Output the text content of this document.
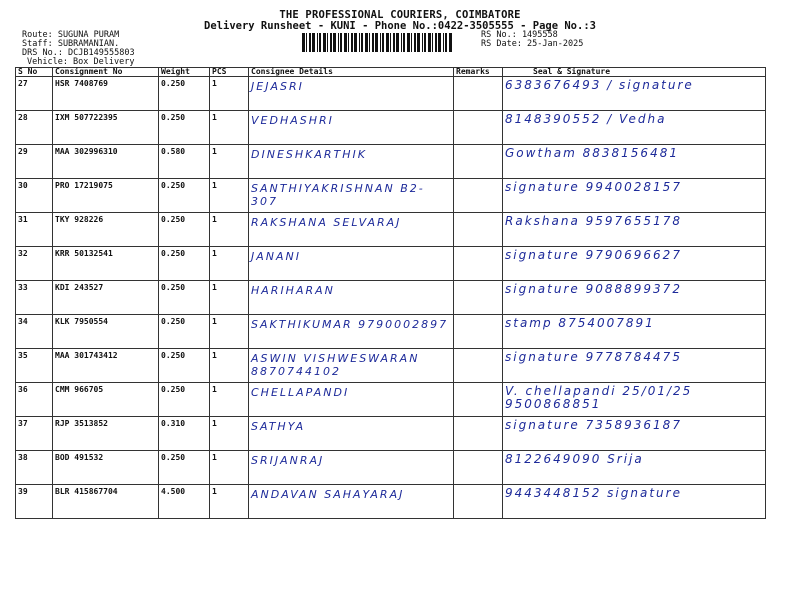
THE PROFESSIONAL COURIERS, COIMBATORE
Delivery Runsheet - KUNI - Phone No.:0422-3505555 - Page No.:3
Route: SUGUNA PURAM
Staff: SUBRAMANIAN.
DRS No.: DCJB149555803
Vehicle: Box Delivery
RS No.: 1495558
RS Date: 25-Jan-2025
S No	Consignment No	Weight	PCS	Consignee Details	Remarks	Seal & Signature
27	HSR 7408769	0.250	1	JEJASRI		6383676493 / signature
28	IXM 507722395	0.250	1	VEDHASHRI		8148390552 / Vedha
29	MAA 302996310	0.580	1	DINESHKARTHIK		Gowtham 8838156481
30	PRO 17219075	0.250	1	SANTHIYAKRISHNAN B2-307		signature 9940028157
31	TKY 928226	0.250	1	RAKSHANA SELVARAJ		Rakshana 9597655178
32	KRR 50132541	0.250	1	JANANI		signature 9790696627
33	KDI 243527	0.250	1	HARIHARAN		signature 9088899372
34	KLK 7950554	0.250	1	SAKTHIKUMAR 9790002897		stamp 8754007891
35	MAA 301743412	0.250	1	ASWIN VISHWESWARAN 8870744102		signature 9778784475
36	CMM 966705	0.250	1	CHELLAPANDI		V. chellapandi 25/01/25 9500868851
37	RJP 3513852	0.310	1	SATHYA		signature 7358936187
38	BOD 491532	0.250	1	SRIJANRAJ		8122649090 Srija
39	BLR 415867704	4.500	1	ANDAVAN SAHAYARAJ		9443448152 signature
